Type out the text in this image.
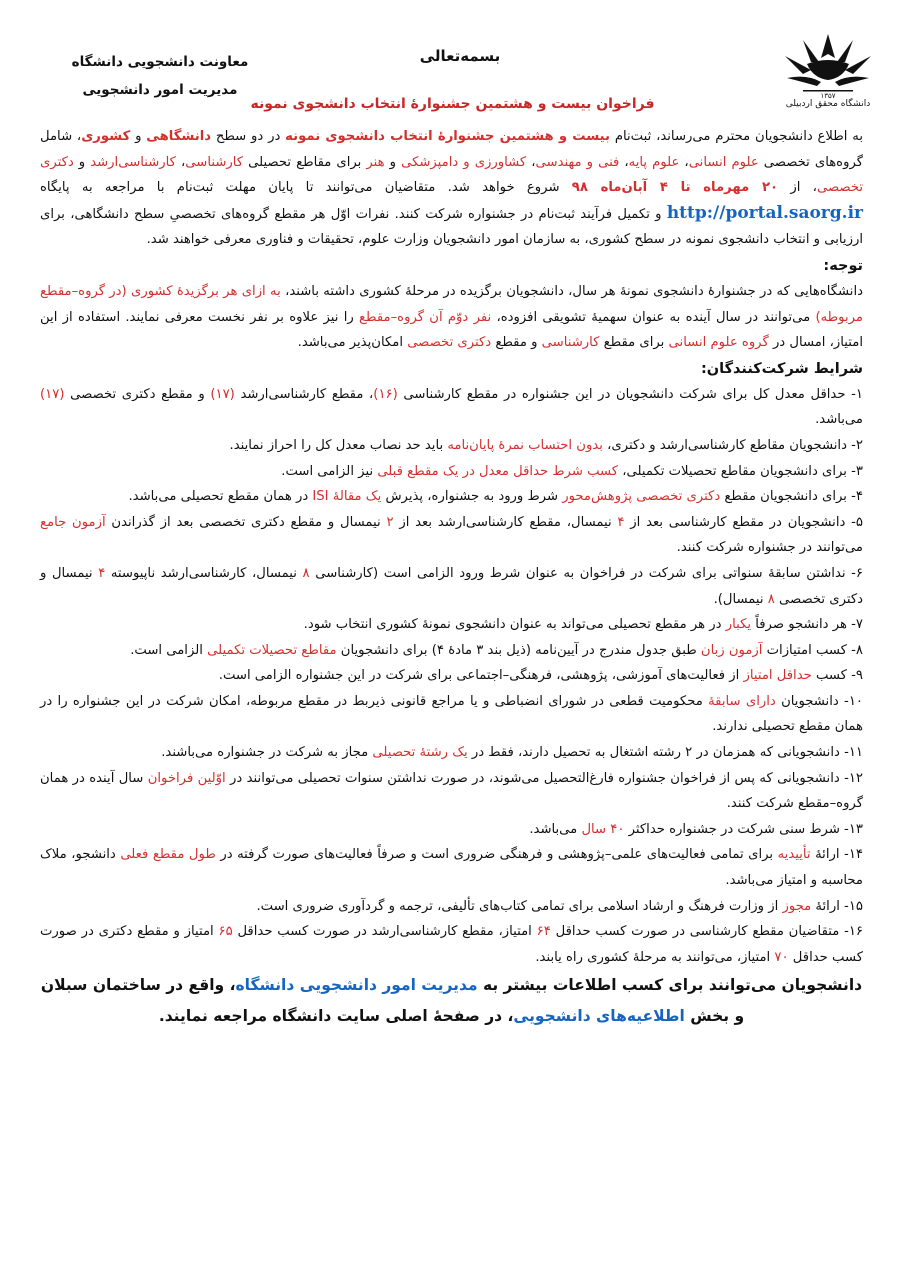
معاونت دانشجویی دانشگاه
مدیریت امور دانشجویی
بسمه‌تعالی
دانشگاه محقق اردبیلی
۱۳۵۷
فراخوان بیست و هشتمین جشنوارۀ انتخاب دانشجوی نمونه

به اطلاع دانشجویان محترم می‌رساند، ثبت‌نام بیست و هشتمین جشنوارۀ انتخاب دانشجوی نمونه در دو سطح دانشگاهی و کشوری، شامل گروه‌های تخصصی علوم انسانی، علوم پایه، فنی و مهندسی، کشاورزی و دامپزشکی و هنر برای مقاطع تحصیلی کارشناسی، کارشناسی‌ارشد و دکتری تخصصی، از ۲۰ مهرماه تا ۴ آبان‌ماه ۹۸ شروع خواهد شد. متقاضیان می‌توانند تا پایان مهلت ثبت‌نام با مراجعه به پایگاه http://portal.saorg.ir و تکمیل فرآیند ثبت‌نام در جشنواره شرکت کنند. نفرات اوّل هر مقطع گروه‌های تخصصیِ سطح دانشگاهی، برای ارزیابی و انتخاب دانشجوی نمونه در سطح کشوری، به سازمان امور دانشجویان وزارت علوم، تحقیقات و فناوری معرفی خواهند شد.

توجه:

دانشگاه‌هایی که در جشنوارۀ دانشجوی نمونۀ هر سال، دانشجویان برگزیده در مرحلۀ کشوری داشته باشند، به ازای هر برگزیدۀ کشوری (در گروه–مقطع مربوطه) می‌توانند در سال آینده به عنوان سهمیۀ تشویقی افزوده، نفر دوّم آن گروه–مقطع را نیز علاوه بر نفر نخست معرفی نمایند. استفاده از این امتیاز، امسال در گروه علوم انسانی برای مقطع کارشناسی و مقطع دکتری تخصصی امکان‌پذیر می‌باشد.

شرایط شرکت‌کنندگان:

۱- حداقل معدل کل برای شرکت دانشجویان در این جشنواره در مقطع کارشناسی (۱۶)، مقطع کارشناسی‌ارشد (۱۷) و مقطع دکتری تخصصی (۱۷) می‌باشد.

۲- دانشجویان مقاطع کارشناسی‌ارشد و دکتری، بدون احتساب نمرۀ پایان‌نامه باید حد نصاب معدل کل را احراز نمایند.

۳- برای دانشجویان مقاطع تحصیلات تکمیلی، کسب شرط حداقل معدل در یک مقطع قبلی نیز الزامی است.

۴- برای دانشجویان مقطع دکتری تخصصی پژوهش‌محور شرط ورود به جشنواره، پذیرش یک مقالۀ ISI در همان مقطع تحصیلی می‌باشد.

۵- دانشجویان در مقطع کارشناسی بعد از ۴ نیمسال، مقطع کارشناسی‌ارشد بعد از ۲ نیمسال و مقطع دکتری تخصصی بعد از گذراندن آزمون جامع می‌توانند در جشنواره شرکت کنند.

۶- نداشتن سابقۀ سنواتی برای شرکت در فراخوان به عنوان شرط ورود الزامی است (کارشناسی ۸ نیمسال، کارشناسی‌ارشد ناپیوسته ۴ نیمسال و دکتری تخصصی ۸ نیمسال).

۷- هر دانشجو صرفاً یکبار در هر مقطع تحصیلی می‌تواند به عنوان دانشجوی نمونۀ کشوری انتخاب شود.

۸- کسب امتیازات آزمون زبان طبق جدول مندرج در آیین‌نامه (ذیل بند ۳ مادۀ ۴) برای دانشجویان مقاطع تحصیلات تکمیلی الزامی است.

۹- کسب حداقل امتیاز از فعالیت‌های آموزشی، پژوهشی، فرهنگی–اجتماعی برای شرکت در این جشنواره الزامی است.

۱۰- دانشجویان دارای سابقۀ محکومیت قطعی در شورای انضباطی و یا مراجع قانونی ذیربط در مقطع مربوطه، امکان شرکت در این جشنواره را در همان مقطع تحصیلی ندارند.

۱۱- دانشجویانی که همزمان در ۲ رشته اشتغال به تحصیل دارند، فقط در یک رشتۀ تحصیلی مجاز به شرکت در جشنواره می‌باشند.

۱۲- دانشجویانی که پس از فراخوان جشنواره فارغ‌التحصیل می‌شوند، در صورت نداشتن سنوات تحصیلی می‌توانند در اوّلین فراخوان سال آینده در همان گروه–مقطع شرکت کنند.

۱۳- شرط سنی شرکت در جشنواره حداکثر ۴۰ سال می‌باشد.

۱۴- ارائۀ تأییدیه برای تمامی فعالیت‌های علمی–پژوهشی و فرهنگی ضروری است و صرفاً فعالیت‌های صورت گرفته در طول مقطع فعلی دانشجو، ملاک محاسبه و امتیاز می‌باشد.

۱۵- ارائۀ مجوز از وزارت فرهنگ و ارشاد اسلامی برای تمامی کتاب‌های تألیفی، ترجمه و گردآوری ضروری است.

۱۶- متقاضیان مقطع کارشناسی در صورت کسب حداقل ۶۴ امتیاز، مقطع کارشناسی‌ارشد در صورت کسب حداقل ۶۵ امتیاز و مقطع دکتری در صورت کسب حداقل ۷۰ امتیاز، می‌توانند به مرحلۀ کشوری راه یابند.

دانشجویان می‌توانند برای کسب اطلاعات بیشتر به مدیریت امور دانشجویی دانشگاه، واقع در ساختمان سبلان و بخش اطلاعیه‌های دانشجویی، در صفحۀ اصلی سایت دانشگاه مراجعه نمایند.
